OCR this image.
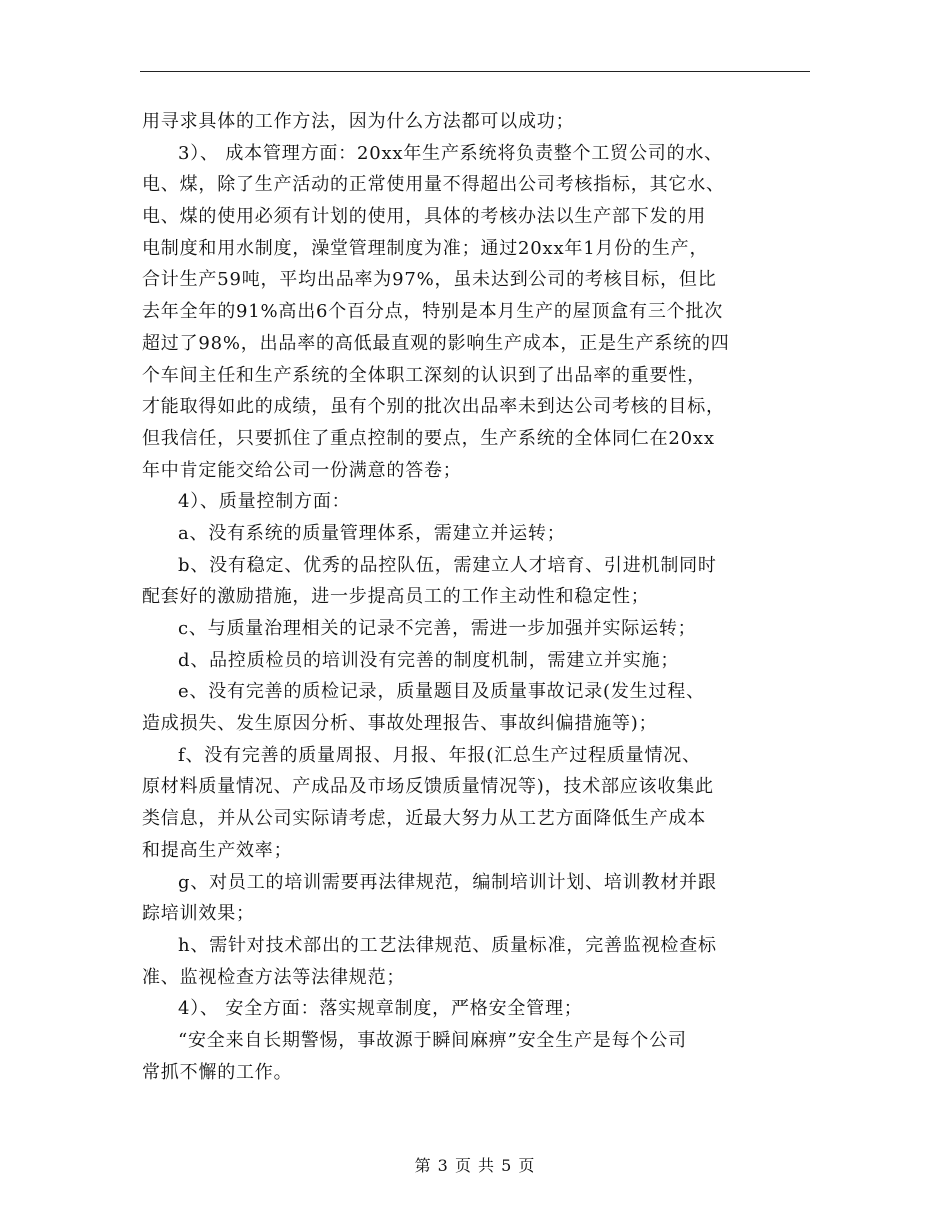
用寻求具体的工作方法，因为什么方法都可以成功；
3）、 成本管理方面：20xx年生产系统将负责整个工贸公司的水、
电、煤，除了生产活动的正常使用量不得超出公司考核指标，其它水、
电、煤的使用必须有计划的使用，具体的考核办法以生产部下发的用
电制度和用水制度，澡堂管理制度为准；通过20xx年1月份的生产，
合计生产59吨，平均出品率为97%，虽未达到公司的考核目标，但比
去年全年的91%高出6个百分点，特别是本月生产的屋顶盒有三个批次
超过了98%，出品率的高低最直观的影响生产成本，正是生产系统的四
个车间主任和生产系统的全体职工深刻的认识到了出品率的重要性，
才能取得如此的成绩，虽有个别的批次出品率未到达公司考核的目标，
但我信任，只要抓住了重点控制的要点，生产系统的全体同仁在20xx
年中肯定能交给公司一份满意的答卷；
4）、质量控制方面：
a、没有系统的质量管理体系，需建立并运转；
b、没有稳定、优秀的品控队伍，需建立人才培育、引进机制同时
配套好的激励措施，进一步提高员工的工作主动性和稳定性；
c、与质量治理相关的记录不完善，需进一步加强并实际运转；
d、品控质检员的培训没有完善的制度机制，需建立并实施；
e、没有完善的质检记录，质量题目及质量事故记录(发生过程、
造成损失、发生原因分析、事故处理报告、事故纠偏措施等)；
f、没有完善的质量周报、月报、年报(汇总生产过程质量情况、
原材料质量情况、产成品及市场反馈质量情况等)，技术部应该收集此
类信息，并从公司实际请考虑，近最大努力从工艺方面降低生产成本
和提高生产效率；
g、对员工的培训需要再法律规范，编制培训计划、培训教材并跟
踪培训效果；
h、需针对技术部出的工艺法律规范、质量标准，完善监视检查标
准、监视检查方法等法律规范；
4）、 安全方面：落实规章制度，严格安全管理；
“安全来自长期警惕，事故源于瞬间麻痹”安全生产是每个公司
常抓不懈的工作。
第 3 页 共 5 页
